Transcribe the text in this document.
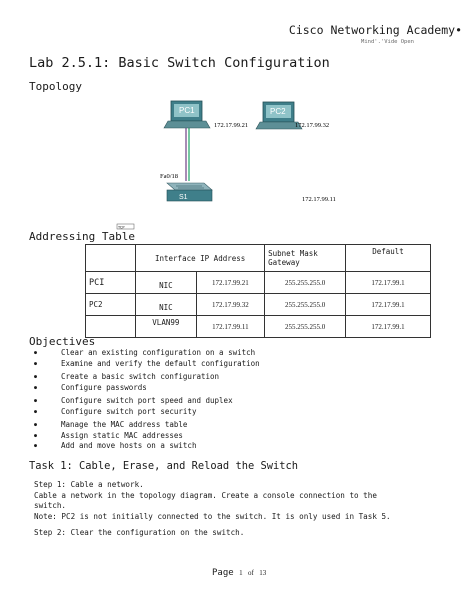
Cisco Networking Academy•
Mind'.'Vide Open
Lab 2.5.1: Basic Switch Configuration
Topology
PC1
172.17.99.21
PC2
172.17.99.32
TCP
Fa0/18
S1	172.17.99.11
Addressing Table
	Interface IP Address		Subnet Mask Gateway	Default
PCI	NIC	172.17.99.21	255.255.255.0	172.17.99.1
PC2	NIC	172.17.99.32	255.255.255.0	172.17.99.1
	VLAN99	172.17.99.11	255.255.255.0	172.17.99.1
Objectives
● Clear an existing configuration on a switch
● Examine and verify the default configuration
● Create a basic switch configuration
● Configure passwords
● Configure switch port speed and duplex
● Configure switch port security
● Manage the MAC address table
● Assign static MAC addresses
● Add and move hosts on a switch
Task 1: Cable, Erase, and Reload the Switch
Step 1: Cable a network.
Cable a network in the topology diagram. Create a console connection to the
switch.
Note: PC2 is not initially connected to the switch. It is only used in Task 5.
Step 2: Clear the configuration on the switch.
Page 1 of 13
